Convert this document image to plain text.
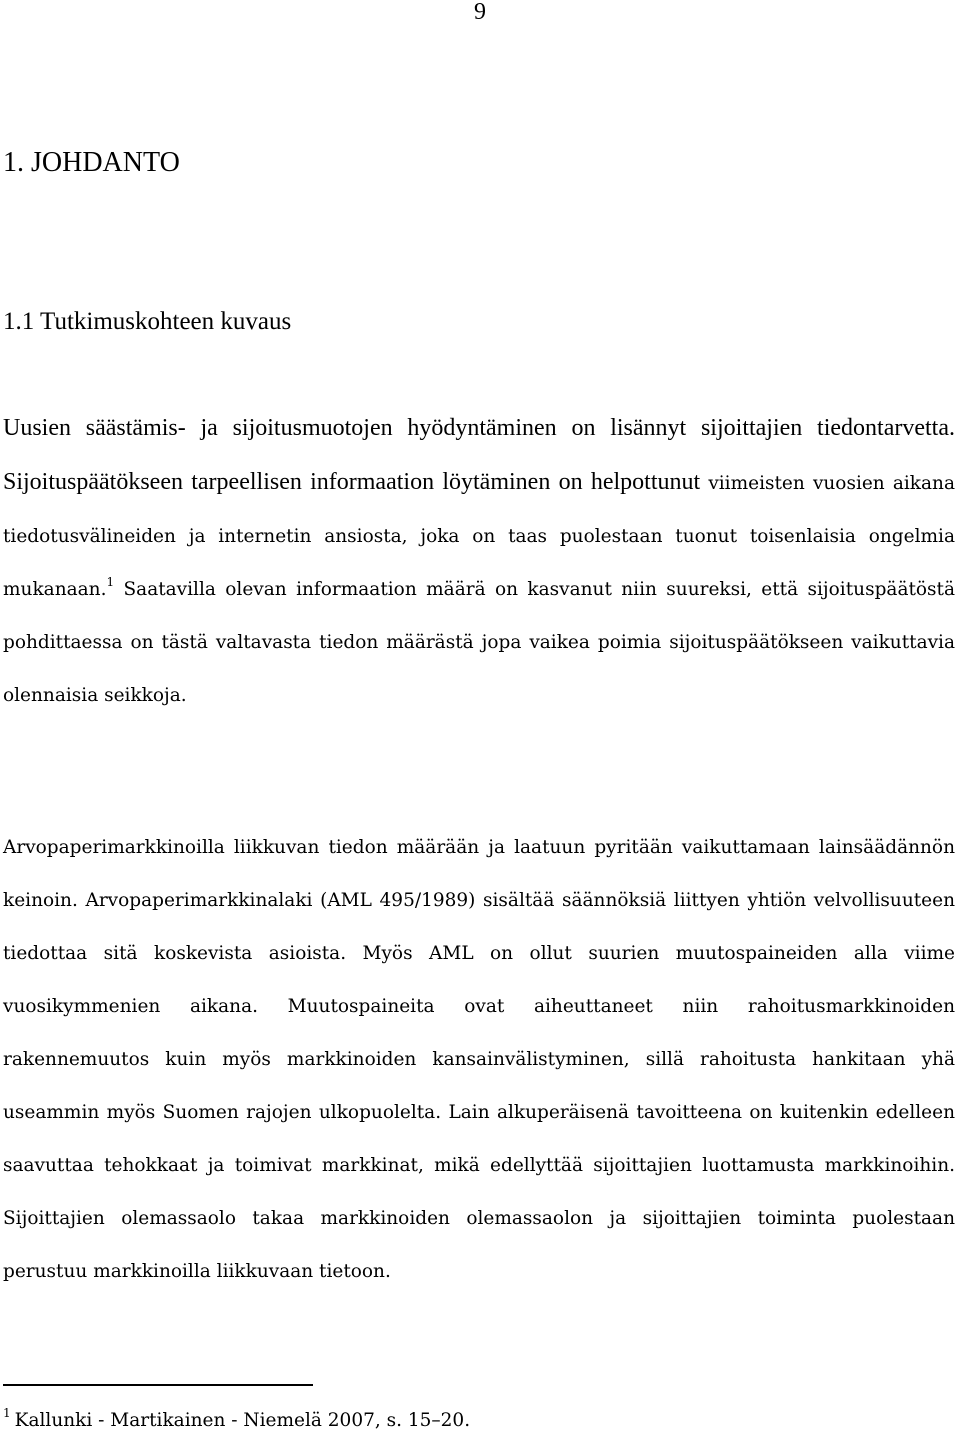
9
1. JOHDANTO
1.1 Tutkimuskohteen kuvaus

Uusien säästämis- ja sijoitusmuotojen hyödyntäminen on lisännyt sijoittajien tiedontarvetta. Sijoituspäätökseen tarpeellisen informaation löytäminen on helpottunut viimeisten vuosien aikana tiedotusvälineiden ja internetin ansiosta, joka on taas puolestaan tuonut toisenlaisia ongelmia mukanaan.$^1$ Saatavilla olevan informaation määrä on kasvanut niin suureksi, että sijoituspäätöstä pohdittaessa on tästä valtavasta tiedon määrästä jopa vaikea poimia sijoituspäätökseen vaikuttavia olennaisia seikkoja.

Arvopaperimarkkinoilla liikkuvan tiedon määrään ja laatuun pyritään vaikuttamaan lainsäädännön keinoin. Arvopaperimarkkinalaki (AML 495/1989) sisältää säännöksiä liittyen yhtiön velvollisuuteen tiedottaa sitä koskevista asioista. Myös AML on ollut suurien muutospaineiden alla viime vuosikymmenien aikana. Muutospaineita ovat aiheuttaneet niin rahoitusmarkkinoiden rakennemuutos kuin myös markkinoiden kansainvälistyminen, sillä rahoitusta hankitaan yhä useammin myös Suomen rajojen ulkopuolelta. Lain alkuperäisenä tavoitteena on kuitenkin edelleen saavuttaa tehokkaat ja toimivat markkinat, mikä edellyttää sijoittajien luottamusta markkinoihin. Sijoittajien olemassaolo takaa markkinoiden olemassaolon ja sijoittajien toiminta puolestaan perustuu markkinoilla liikkuvaan tietoon.

$^1$ Kallunki - Martikainen - Niemelä 2007, s. 15–20.
